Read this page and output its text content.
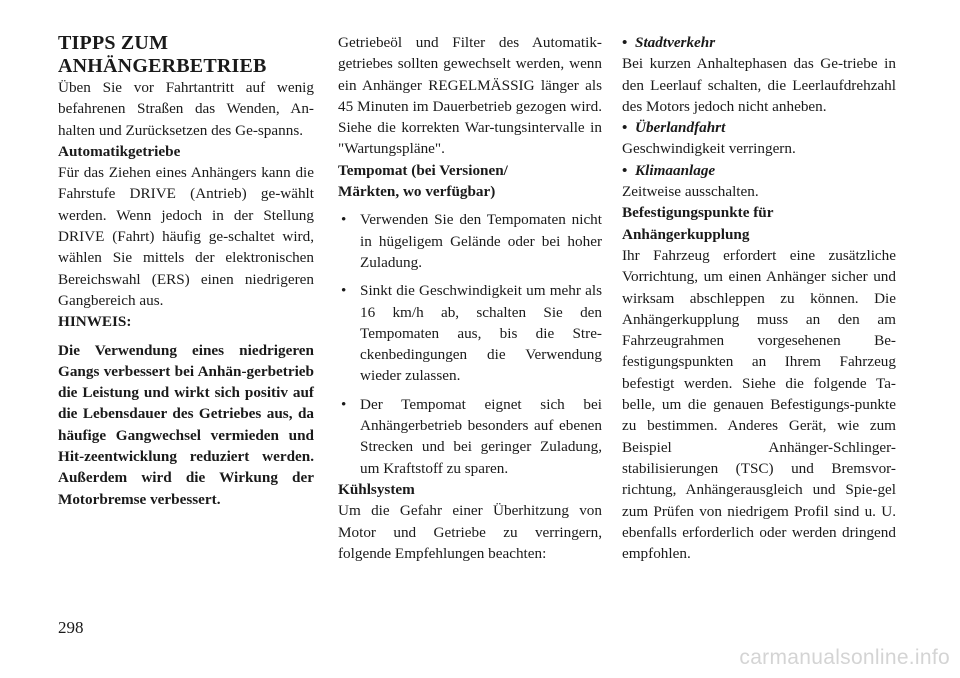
TIPPS ZUM ANHÄNGERBETRIEB

Üben Sie vor Fahrtantritt auf wenig befahrenen Straßen das Wenden, An-halten und Zurücksetzen des Ge-spanns.

Automatikgetriebe

Für das Ziehen eines Anhängers kann die Fahrstufe DRIVE (Antrieb) ge-wählt werden. Wenn jedoch in der Stellung DRIVE (Fahrt) häufig ge-schaltet wird, wählen Sie mittels der elektronischen Bereichswahl (ERS) einen niedrigeren Gangbereich aus.

HINWEIS:

Die Verwendung eines niedrigeren Gangs verbessert bei Anhän-gerbetrieb die Leistung und wirkt sich positiv auf die Lebensdauer des Getriebes aus, da häufige Gangwechsel vermieden und Hit-zeentwicklung reduziert werden. Außerdem wird die Wirkung der Motorbremse verbessert.

Getriebeöl und Filter des Automatik-getriebes sollten gewechselt werden, wenn ein Anhänger REGELMÄSSIG länger als 45 Minuten im Dauerbetrieb gezogen wird. Siehe die korrekten War-tungsintervalle in "Wartungspläne".

Tempomat (bei Versionen/
Märkten, wo verfügbar)

• Verwenden Sie den Tempomaten nicht in hügeligem Gelände oder bei hoher Zuladung.
• Sinkt die Geschwindigkeit um mehr als 16 km/h ab, schalten Sie den Tempomaten aus, bis die Stre-ckenbedingungen die Verwendung wieder zulassen.
• Der Tempomat eignet sich bei Anhängerbetrieb besonders auf ebenen Strecken und bei geringer Zuladung, um Kraftstoff zu sparen.

Kühlsystem

Um die Gefahr einer Überhitzung von Motor und Getriebe zu verringern, folgende Empfehlungen beachten:

• Stadtverkehr

Bei kurzen Anhaltephasen das Ge-triebe in den Leerlauf schalten, die Leerlaufdrehzahl des Motors jedoch nicht anheben.

• Überlandfahrt

Geschwindigkeit verringern.

• Klimaanlage

Zeitweise ausschalten.

Befestigungspunkte für
Anhängerkupplung

Ihr Fahrzeug erfordert eine zusätzliche Vorrichtung, um einen Anhänger sicher und wirksam abschleppen zu können. Die Anhängerkupplung muss an den am Fahrzeugrahmen vorgesehenen Be-festigungspunkten an Ihrem Fahrzeug befestigt werden. Siehe die folgende Ta-belle, um die genauen Befestigungs-punkte zu bestimmen. Anderes Gerät, wie zum Beispiel Anhänger-Schlinger-stabilisierungen (TSC) und Bremsvor-richtung, Anhängerausgleich und Spie-gel zum Prüfen von niedrigem Profil sind u. U. ebenfalls erforderlich oder werden dringend empfohlen.

298
carmanualsonline.info
